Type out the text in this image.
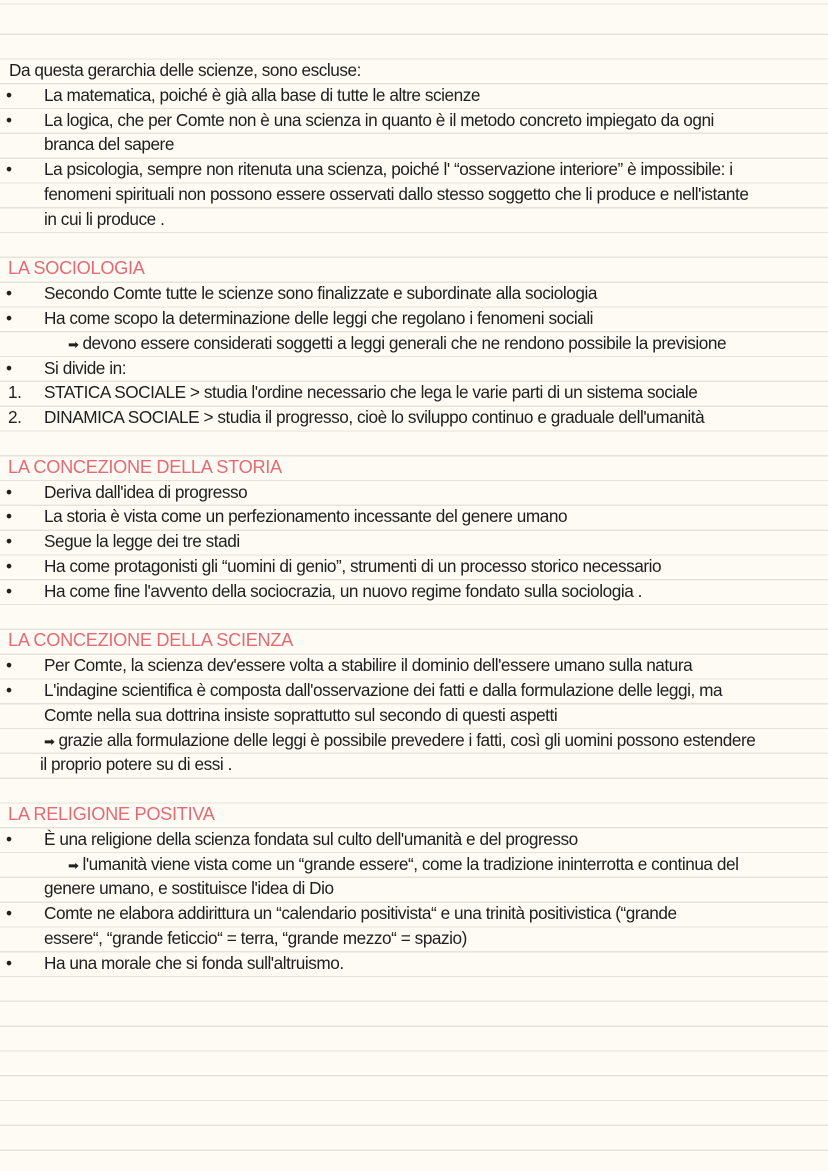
Da questa gerarchia delle scienze, sono escluse:
•	La matematica, poiché è già alla base di tutte le altre scienze
•	La logica, che per Comte non è una scienza in quanto è il metodo concreto impiegato da ogni
branca del sapere
•	La psicologia, sempre non ritenuta una scienza, poiché l' “osservazione interiore” è impossibile: i
fenomeni spirituali non possono essere osservati dallo stesso soggetto che li produce e nell'istante
in cui li produce .
LA SOCIOLOGIA
•	Secondo Comte tutte le scienze sono finalizzate e subordinate alla sociologia
•	Ha come scopo la determinazione delle leggi che regolano i fenomeni sociali
➡ devono essere considerati soggetti a leggi generali che ne rendono possibile la previsione
•	Si divide in:
1. STATICA SOCIALE > studia l'ordine necessario che lega le varie parti di un sistema sociale
2. DINAMICA SOCIALE > studia il progresso, cioè lo sviluppo continuo e graduale dell'umanità
LA CONCEZIONE DELLA STORIA
•	Deriva dall'idea di progresso
•	La storia è vista come un perfezionamento incessante del genere umano
•	Segue la legge dei tre stadi
•	Ha come protagonisti gli “uomini di genio”, strumenti di un processo storico necessario
•	Ha come fine l'avvento della sociocrazia, un nuovo regime fondato sulla sociologia .
LA CONCEZIONE DELLA SCIENZA
•	Per Comte, la scienza dev'essere volta a stabilire il dominio dell'essere umano sulla natura
•	L'indagine scientifica è composta dall'osservazione dei fatti e dalla formulazione delle leggi, ma
Comte nella sua dottrina insiste soprattutto sul secondo di questi aspetti
➡ grazie alla formulazione delle leggi è possibile prevedere i fatti, così gli uomini possono estendere
il proprio potere su di essi .
LA RELIGIONE POSITIVA
•	È una religione della scienza fondata sul culto dell'umanità e del progresso
➡ l'umanità viene vista come un “grande essere“, come la tradizione ininterrotta e continua del
genere umano, e sostituisce l'idea di Dio
•	Comte ne elabora addirittura un “calendario positivista“ e una trinità positivistica (“grande
essere“, “grande feticcio“ = terra, “grande mezzo“ = spazio)
•	Ha una morale che si fonda sull'altruismo.
